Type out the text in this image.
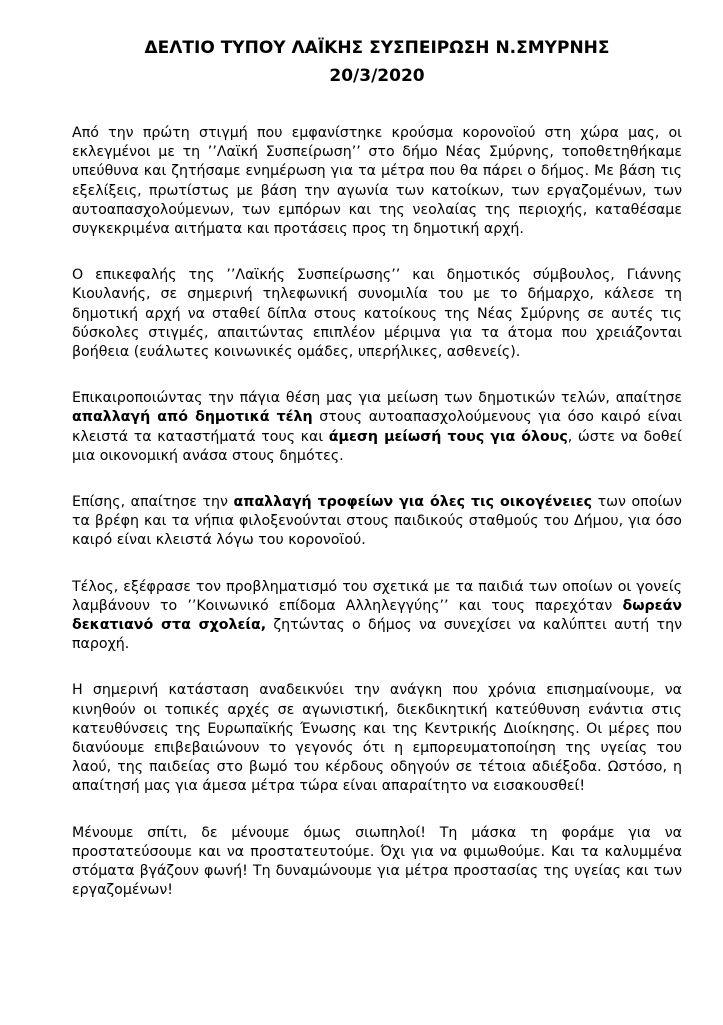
ΔΕΛΤΙΟ ΤΥΠΟΥ ΛΑΪΚΗΣ ΣΥΣΠΕΙΡΩΣΗ Ν.ΣΜΥΡΝΗΣ

20/3/2020

Από την πρώτη στιγμή που εμφανίστηκε κρούσμα κορονοϊού στη χώρα μας, οι εκλεγμένοι με τη ’’Λαϊκή Συσπείρωση’’ στο δήμο Νέας Σμύρνης, τοποθετηθήκαμε υπεύθυνα και ζητήσαμε ενημέρωση για τα μέτρα που θα πάρει ο δήμος. Με βάση τις εξελίξεις, πρωτίστως με βάση την αγωνία των κατοίκων, των εργαζομένων, των αυτοαπασχολούμενων, των εμπόρων και της νεολαίας της περιοχής, καταθέσαμε συγκεκριμένα αιτήματα και προτάσεις προς τη δημοτική αρχή.

Ο επικεφαλής της ’’Λαϊκής Συσπείρωσης’’ και δημοτικός σύμβουλος, Γιάννης Κιουλανής, σε σημερινή τηλεφωνική συνομιλία του με το δήμαρχο, κάλεσε τη δημοτική αρχή να σταθεί δίπλα στους κατοίκους της Νέας Σμύρνης σε αυτές τις δύσκολες στιγμές, απαιτώντας επιπλέον μέριμνα για τα άτομα που χρειάζονται βοήθεια (ευάλωτες κοινωνικές ομάδες, υπερήλικες, ασθενείς).

Επικαιροποιώντας την πάγια θέση μας για μείωση των δημοτικών τελών, απαίτησε απαλλαγή από δημοτικά τέλη στους αυτοαπασχολούμενους για όσο καιρό είναι κλειστά τα καταστήματά τους και άμεση μείωσή τους για όλους, ώστε να δοθεί μια οικονομική ανάσα στους δημότες.

Επίσης, απαίτησε την απαλλαγή τροφείων για όλες τις οικογένειες των οποίων τα βρέφη και τα νήπια φιλοξενούνται στους παιδικούς σταθμούς του Δήμου, για όσο καιρό είναι κλειστά λόγω του κορονοϊού.

Τέλος, εξέφρασε τον προβληματισμό του σχετικά με τα παιδιά των οποίων οι γονείς λαμβάνουν το ’’Κοινωνικό επίδομα Αλληλεγγύης’’ και τους παρεχόταν δωρεάν δεκατιανό στα σχολεία, ζητώντας ο δήμος να συνεχίσει να καλύπτει αυτή την παροχή.

Η σημερινή κατάσταση αναδεικνύει την ανάγκη που χρόνια επισημαίνουμε, να κινηθούν οι τοπικές αρχές σε αγωνιστική, διεκδικητική κατεύθυνση ενάντια στις κατευθύνσεις της Ευρωπαϊκής Ένωσης και της Κεντρικής Διοίκησης. Οι μέρες που διανύουμε επιβεβαιώνουν το γεγονός ότι η εμπορευματοποίηση της υγείας του λαού, της παιδείας στο βωμό του κέρδους οδηγούν σε τέτοια αδιέξοδα. Ωστόσο, η απαίτησή μας για άμεσα μέτρα τώρα είναι απαραίτητο να εισακουσθεί!

Μένουμε σπίτι, δε μένουμε όμως σιωπηλοί! Τη μάσκα τη φοράμε για να προστατεύσουμε και να προστατευτούμε. Όχι για να φιμωθούμε. Και τα καλυμμένα στόματα βγάζουν φωνή! Τη δυναμώνουμε για μέτρα προστασίας της υγείας και των εργαζομένων!
